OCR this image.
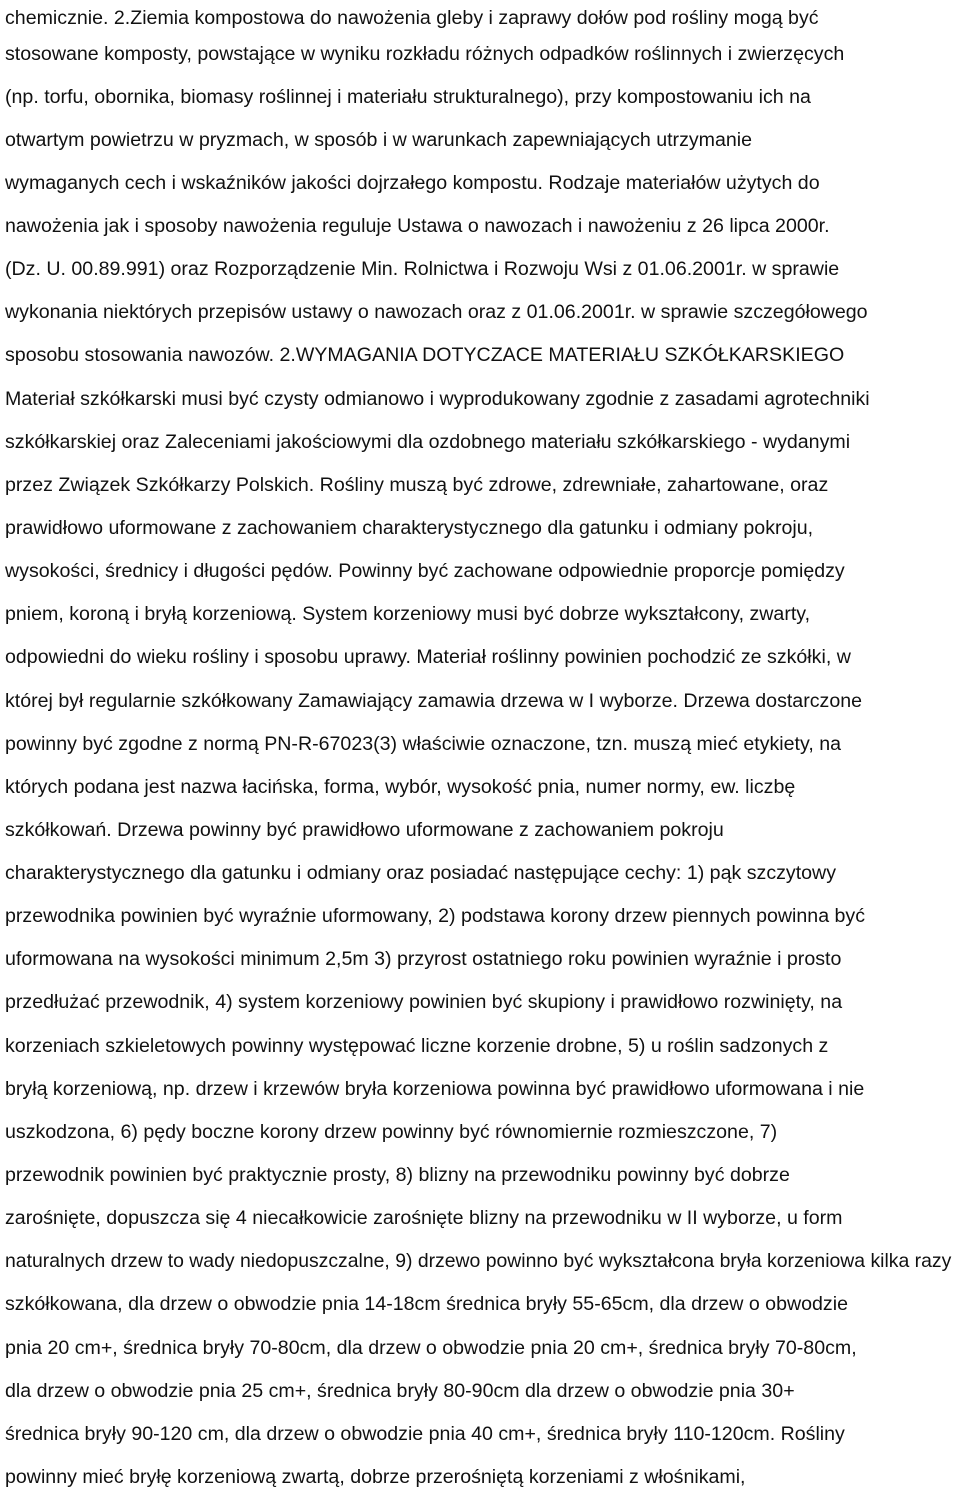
chemicznie. 2.Ziemia kompostowa do nawożenia gleby i zaprawy dołów pod rośliny mogą być
stosowane komposty, powstające w wyniku rozkładu różnych odpadków roślinnych i zwierzęcych
(np. torfu, obornika, biomasy roślinnej i materiału strukturalnego), przy kompostowaniu ich na
otwartym powietrzu w pryzmach, w sposób i w warunkach zapewniających utrzymanie
wymaganych cech i wskaźników jakości dojrzałego kompostu. Rodzaje materiałów użytych do
nawożenia jak i sposoby nawożenia reguluje Ustawa o nawozach i nawożeniu z 26 lipca 2000r.
(Dz. U. 00.89.991) oraz Rozporządzenie Min. Rolnictwa i Rozwoju Wsi z 01.06.2001r. w sprawie
wykonania niektórych przepisów ustawy o nawozach oraz z 01.06.2001r. w sprawie szczegółowego
sposobu stosowania nawozów. 2.WYMAGANIA DOTYCZACE MATERIAŁU SZKÓŁKARSKIEGO
Materiał szkółkarski musi być czysty odmianowo i wyprodukowany zgodnie z zasadami agrotechniki
szkółkarskiej oraz Zaleceniami jakościowymi dla ozdobnego materiału szkółkarskiego - wydanymi
przez Związek Szkółkarzy Polskich. Rośliny muszą być zdrowe, zdrewniałe, zahartowane, oraz
prawidłowo uformowane z zachowaniem charakterystycznego dla gatunku i odmiany pokroju,
wysokości, średnicy i długości pędów. Powinny być zachowane odpowiednie proporcje pomiędzy
pniem, koroną i bryłą korzeniową. System korzeniowy musi być dobrze wykształcony, zwarty,
odpowiedni do wieku rośliny i sposobu uprawy. Materiał roślinny powinien pochodzić ze szkółki, w
której był regularnie szkółkowany Zamawiający zamawia drzewa w I wyborze. Drzewa dostarczone
powinny być zgodne z normą PN-R-67023(3) właściwie oznaczone, tzn. muszą mieć etykiety, na
których podana jest nazwa łacińska, forma, wybór, wysokość pnia, numer normy, ew. liczbę
szkółkowań. Drzewa powinny być prawidłowo uformowane z zachowaniem pokroju
charakterystycznego dla gatunku i odmiany oraz posiadać następujące cechy: 1) pąk szczytowy
przewodnika powinien być wyraźnie uformowany, 2) podstawa korony drzew piennych powinna być
uformowana na wysokości minimum 2,5m 3) przyrost ostatniego roku powinien wyraźnie i prosto
przedłużać przewodnik, 4) system korzeniowy powinien być skupiony i prawidłowo rozwinięty, na
korzeniach szkieletowych powinny występować liczne korzenie drobne, 5) u roślin sadzonych z
bryłą korzeniową, np. drzew i krzewów bryła korzeniowa powinna być prawidłowo uformowana i nie
uszkodzona, 6) pędy boczne korony drzew powinny być równomiernie rozmieszczone, 7)
przewodnik powinien być praktycznie prosty, 8) blizny na przewodniku powinny być dobrze
zarośnięte, dopuszcza się 4 niecałkowicie zarośnięte blizny na przewodniku w II wyborze, u form
naturalnych drzew to wady niedopuszczalne, 9) drzewo powinno być wykształcona bryła korzeniowa kilka razy
szkółkowana, dla drzew o obwodzie pnia 14-18cm średnica bryły 55-65cm, dla drzew o obwodzie
pnia 20 cm+, średnica bryły 70-80cm, dla drzew o obwodzie pnia 20 cm+, średnica bryły 70-80cm,
dla drzew o obwodzie pnia 25 cm+, średnica bryły 80-90cm dla drzew o obwodzie pnia 30+
średnica bryły 90-120 cm, dla drzew o obwodzie pnia 40 cm+, średnica bryły 110-120cm. Rośliny
powinny mieć bryłę korzeniową zwartą, dobrze przerośniętą korzeniami z włośnikami,
